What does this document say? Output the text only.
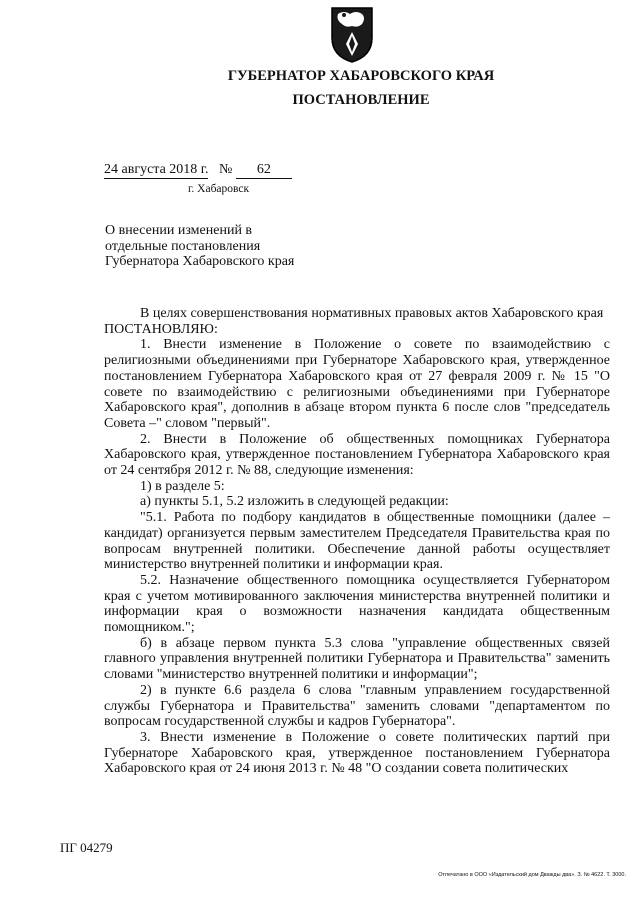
ГУБЕРНАТОР ХАБАРОВСКОГО КРАЯ
ПОСТАНОВЛЕНИЕ
24 августа 2018 г. № 62
г. Хабаровск
О внесении изменений в отдельные постановления Губернатора Хабаровского края

В целях совершенствования нормативных правовых актов Хабаровского края

ПОСТАНОВЛЯЮ:

1. Внести изменение в Положение о совете по взаимодействию с религиозными объединениями при Губернаторе Хабаровского края, утвержденное постановлением Губернатора Хабаровского края от 27 февраля 2009 г. № 15 "О совете по взаимодействию с религиозными объединениями при Губернаторе Хабаровского края", дополнив в абзаце втором пункта 6 после слов "председатель Совета –" словом "первый".

2. Внести в Положение об общественных помощниках Губернатора Хабаровского края, утвержденное постановлением Губернатора Хабаровского края от 24 сентября 2012 г. № 88, следующие изменения:

1) в разделе 5:

а) пункты 5.1, 5.2 изложить в следующей редакции:

"5.1. Работа по подбору кандидатов в общественные помощники (далее – кандидат) организуется первым заместителем Председателя Правительства края по вопросам внутренней политики. Обеспечение данной работы осуществляет министерство внутренней политики и информации края.

5.2. Назначение общественного помощника осуществляется Губернатором края с учетом мотивированного заключения министерства внутренней политики и информации края о возможности назначения кандидата общественным помощником.";

б) в абзаце первом пункта 5.3 слова "управление общественных связей главного управления внутренней политики Губернатора и Правительства" заменить словами "министерство внутренней политики и информации";

2) в пункте 6.6 раздела 6 слова "главным управлением государственной службы Губернатора и Правительства" заменить словами "департаментом по вопросам государственной службы и кадров Губернатора".

3. Внести изменение в Положение о совете политических партий при Губернаторе Хабаровского края, утвержденное постановлением Губернатора Хабаровского края от 24 июня 2013 г. № 48 "О создании совета политических

ПГ 04279
Отпечатано в ООО «Издательский дом Дважды два». З. № 4622. Т. 3000.
